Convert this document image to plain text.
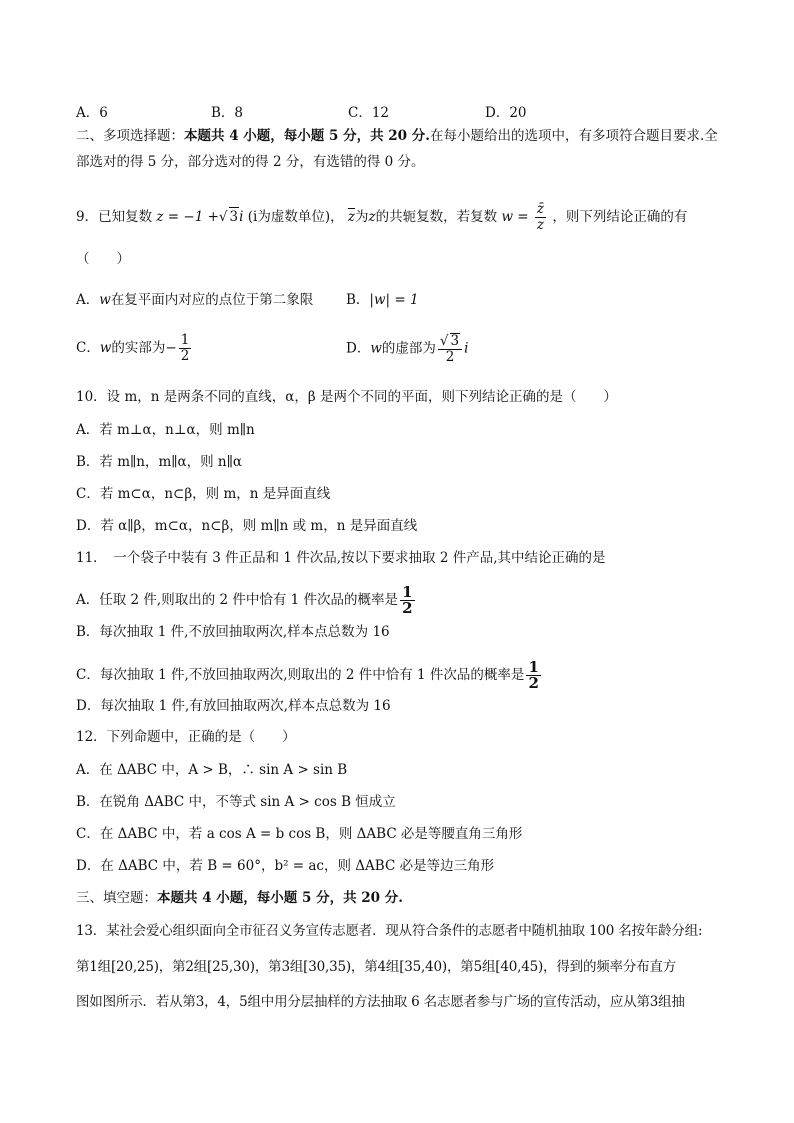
A．6	B．8	C．12	D．20
二、多项选择题：本题共 4 小题，每小题 5 分，共 20 分.在每小题给出的选项中，有多项符合题目要求.全
部选对的得 5 分，部分选对的得 2 分，有选错的得 0 分。
9．已知复数 z = −1 +√ 3i (i为虚数单位)， $\overline{z}$为z的共轭复数，若复数 $w = \frac{z̄}{z}$ ，则下列结论正确的有
（　　）
A．w在复平面内对应的点位于第二象限 B．|w| = 1
C．w的实部为− $\frac{1}{2}$	D．w的虚部为 $\frac{√ 3}{2}$ i
10．设 m，n 是两条不同的直线，α，β 是两个不同的平面，则下列结论正确的是（　　）
A．若 m⊥α，n⊥α，则 m∥n
B．若 m∥n，m∥α，则 n∥α
C．若 m⊂α，n⊂β，则 m，n 是异面直线
D．若 α∥β，m⊂α，n⊂β，则 m∥n 或 m，n 是异面直线
11．　一个袋子中装有 3 件正品和 1 件次品,按以下要求抽取 2 件产品,其中结论正确的是
A．任取 2 件,则取出的 2 件中恰有 1 件次品的概率是 $\frac{1}{2}$
B．每次抽取 1 件,不放回抽取两次,样本点总数为 16
C．每次抽取 1 件,不放回抽取两次,则取出的 2 件中恰有 1 件次品的概率是 $\frac{1}{2}$
D．每次抽取 1 件,有放回抽取两次,样本点总数为 16
12．下列命题中，正确的是（　　）
A．在 ΔABC 中，A > B，∴ sin A > sin B
B．在锐角 ΔABC 中，不等式 sin A > cos B 恒成立
C．在 ΔABC 中，若 a cos A = b cos B，则 ΔABC 必是等腰直角三角形
D．在 ΔABC 中，若 B = 60°，b² = ac，则 ΔABC 必是等边三角形
三、填空题：本题共 4 小题，每小题 5 分，共 20 分.
13．某社会爱心组织面向全市征召义务宣传志愿者．现从符合条件的志愿者中随机抽取 100 名按年龄分组:
第1组[20,25)，第2组[25,30)，第3组[30,35)，第4组[35,40)，第5组[40,45)，得到的频率分布直方
图如图所示．若从第3，4，5组中用分层抽样的方法抽取 6 名志愿者参与广场的宣传活动，应从第3组抽
